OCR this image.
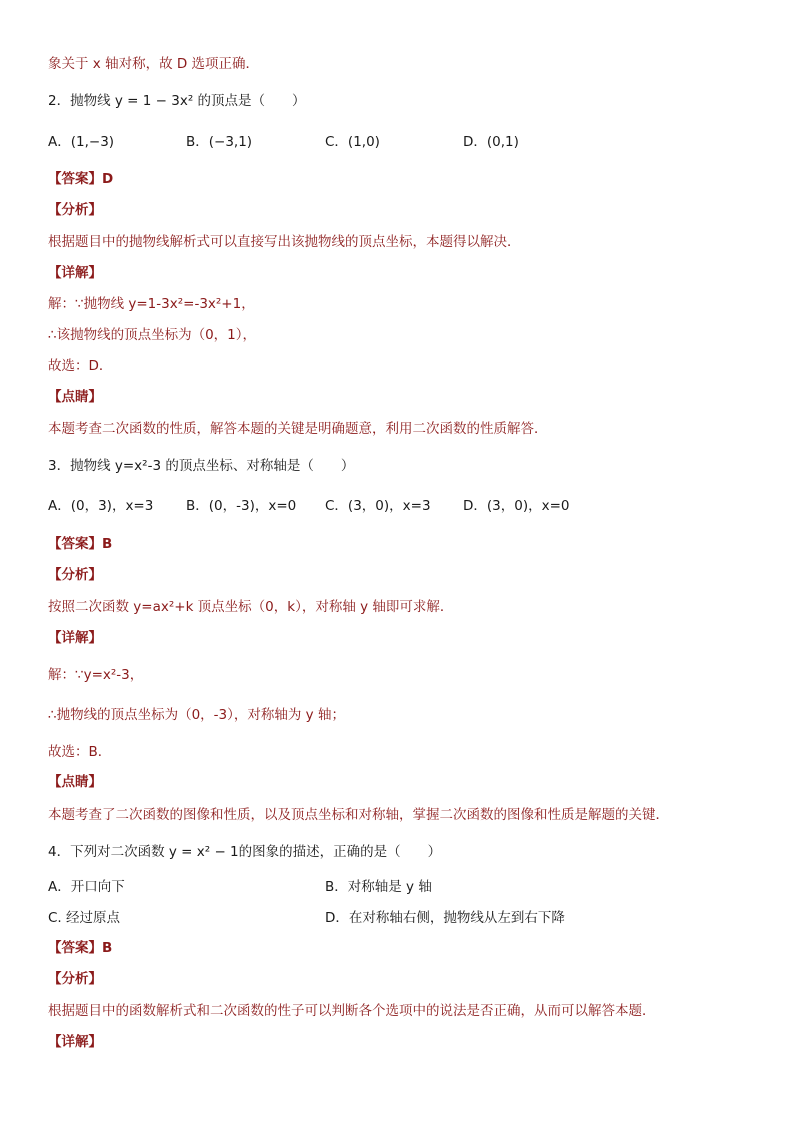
象关于 x 轴对称，故 D 选项正确．
2．抛物线 y = 1 − 3x² 的顶点是（　　）
A．(1,−3)	B．(−3,1)	C．(1,0)	D．(0,1)
【答案】D
【分析】
根据题目中的抛物线解析式可以直接写出该抛物线的顶点坐标，本题得以解决．
【详解】
解：∵抛物线 y=1-3x²=-3x²+1，
∴该抛物线的顶点坐标为（0，1），
故选：D．
【点睛】
本题考查二次函数的性质，解答本题的关键是明确题意，利用二次函数的性质解答．
3．抛物线 y=x²-3 的顶点坐标、对称轴是（　　）
A．(0，3)，x=3 B．(0，-3)，x=0 C．(3，0)，x=3 D．(3，0)，x=0
【答案】B
【分析】
按照二次函数 y=ax²+k 顶点坐标（0，k），对称轴 y 轴即可求解．
【详解】
解：∵y=x²-3，
∴抛物线的顶点坐标为（0，-3），对称轴为 y 轴；
故选：B．
【点睛】
本题考查了二次函数的图像和性质，以及顶点坐标和对称轴，掌握二次函数的图像和性质是解题的关键．
4．下列对二次函数 y = x² − 1的图象的描述，正确的是（　　）
A．开口向下	B．对称轴是 y 轴
C. 经过原点	D．在对称轴右侧，抛物线从左到右下降
【答案】B
【分析】
根据题目中的函数解析式和二次函数的性子可以判断各个选项中的说法是否正确，从而可以解答本题．
【详解】
